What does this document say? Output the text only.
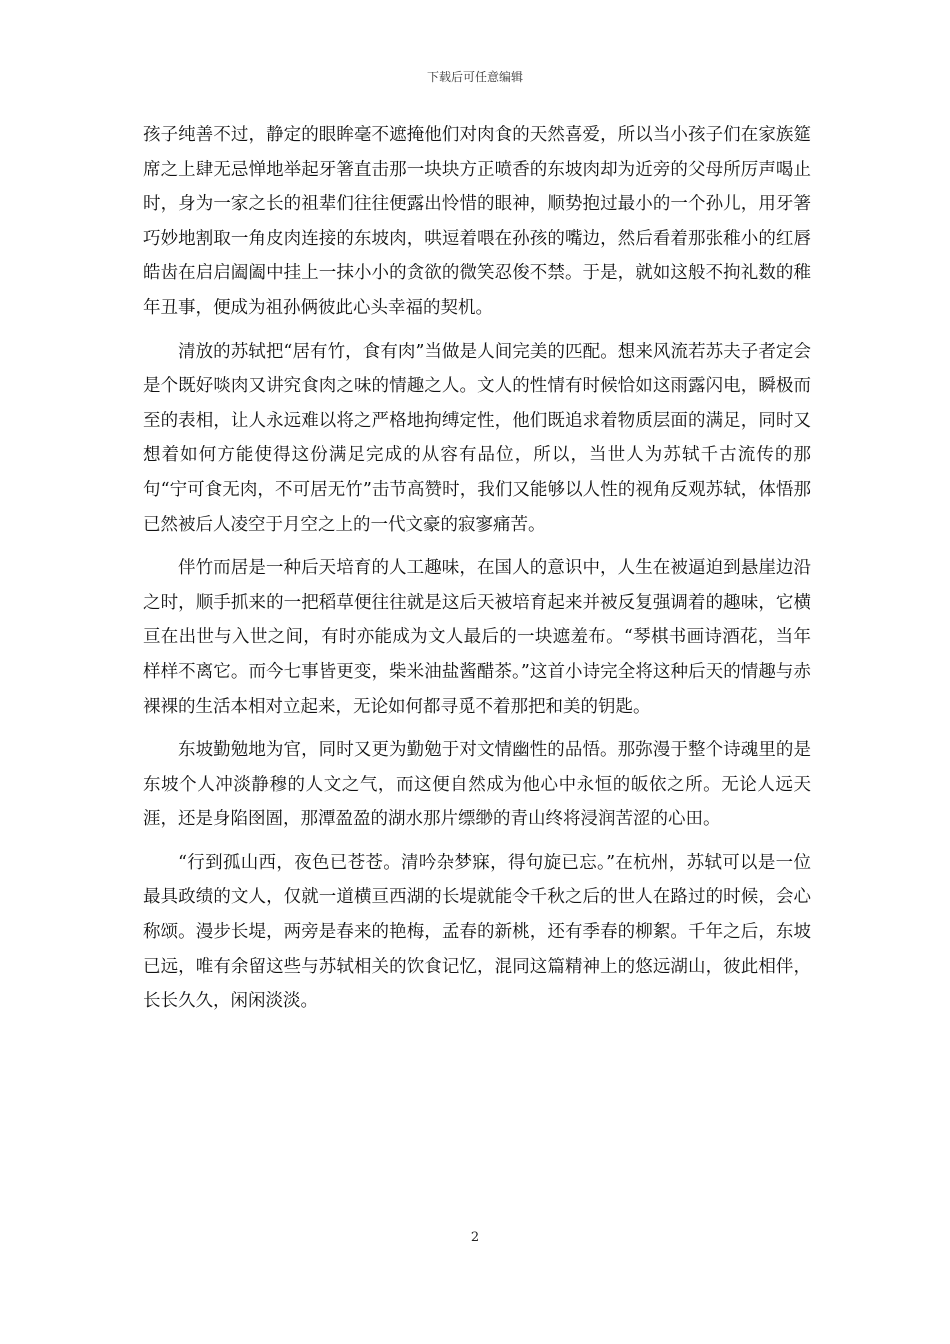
下载后可任意编辑

孩子纯善不过，静定的眼眸毫不遮掩他们对肉食的天然喜爱，所以当小孩子们在家族筵席之上肆无忌惮地举起牙箸直击那一块块方正喷香的东坡肉却为近旁的父母所厉声喝止时，身为一家之长的祖辈们往往便露出怜惜的眼神，顺势抱过最小的一个孙儿，用牙箸巧妙地割取一角皮肉连接的东坡肉，哄逗着喂在孙孩的嘴边，然后看着那张稚小的红唇皓齿在启启阖阖中挂上一抹小小的贪欲的微笑忍俊不禁。于是，就如这般不拘礼数的稚年丑事，便成为祖孙俩彼此心头幸福的契机。

清放的苏轼把“居有竹，食有肉”当做是人间完美的匹配。想来风流若苏夫子者定会是个既好啖肉又讲究食肉之味的情趣之人。文人的性情有时候恰如这雨露闪电，瞬极而至的表相，让人永远难以将之严格地拘缚定性，他们既追求着物质层面的满足，同时又想着如何方能使得这份满足完成的从容有品位，所以，当世人为苏轼千古流传的那句“宁可食无肉，不可居无竹”击节高赞时，我们又能够以人性的视角反观苏轼，体悟那已然被后人凌空于月空之上的一代文豪的寂寥痛苦。

伴竹而居是一种后天培育的人工趣味，在国人的意识中，人生在被逼迫到悬崖边沿之时，顺手抓来的一把稻草便往往就是这后天被培育起来并被反复强调着的趣味，它横亘在出世与入世之间，有时亦能成为文人最后的一块遮羞布。“琴棋书画诗酒花，当年样样不离它。而今七事皆更变，柴米油盐酱醋茶。”这首小诗完全将这种后天的情趣与赤裸裸的生活本相对立起来，无论如何都寻觅不着那把和美的钥匙。

东坡勤勉地为官，同时又更为勤勉于对文情幽性的品悟。那弥漫于整个诗魂里的是东坡个人冲淡静穆的人文之气，而这便自然成为他心中永恒的皈依之所。无论人远天涯，还是身陷囹圄，那潭盈盈的湖水那片缥缈的青山终将浸润苦涩的心田。

“行到孤山西，夜色已苍苍。清吟杂梦寐，得句旋已忘。”在杭州，苏轼可以是一位最具政绩的文人，仅就一道横亘西湖的长堤就能令千秋之后的世人在路过的时候，会心称颂。漫步长堤，两旁是春来的艳梅，孟春的新桃，还有季春的柳絮。千年之后，东坡已远，唯有余留这些与苏轼相关的饮食记忆，混同这篇精神上的悠远湖山，彼此相伴，长长久久，闲闲淡淡。

2
